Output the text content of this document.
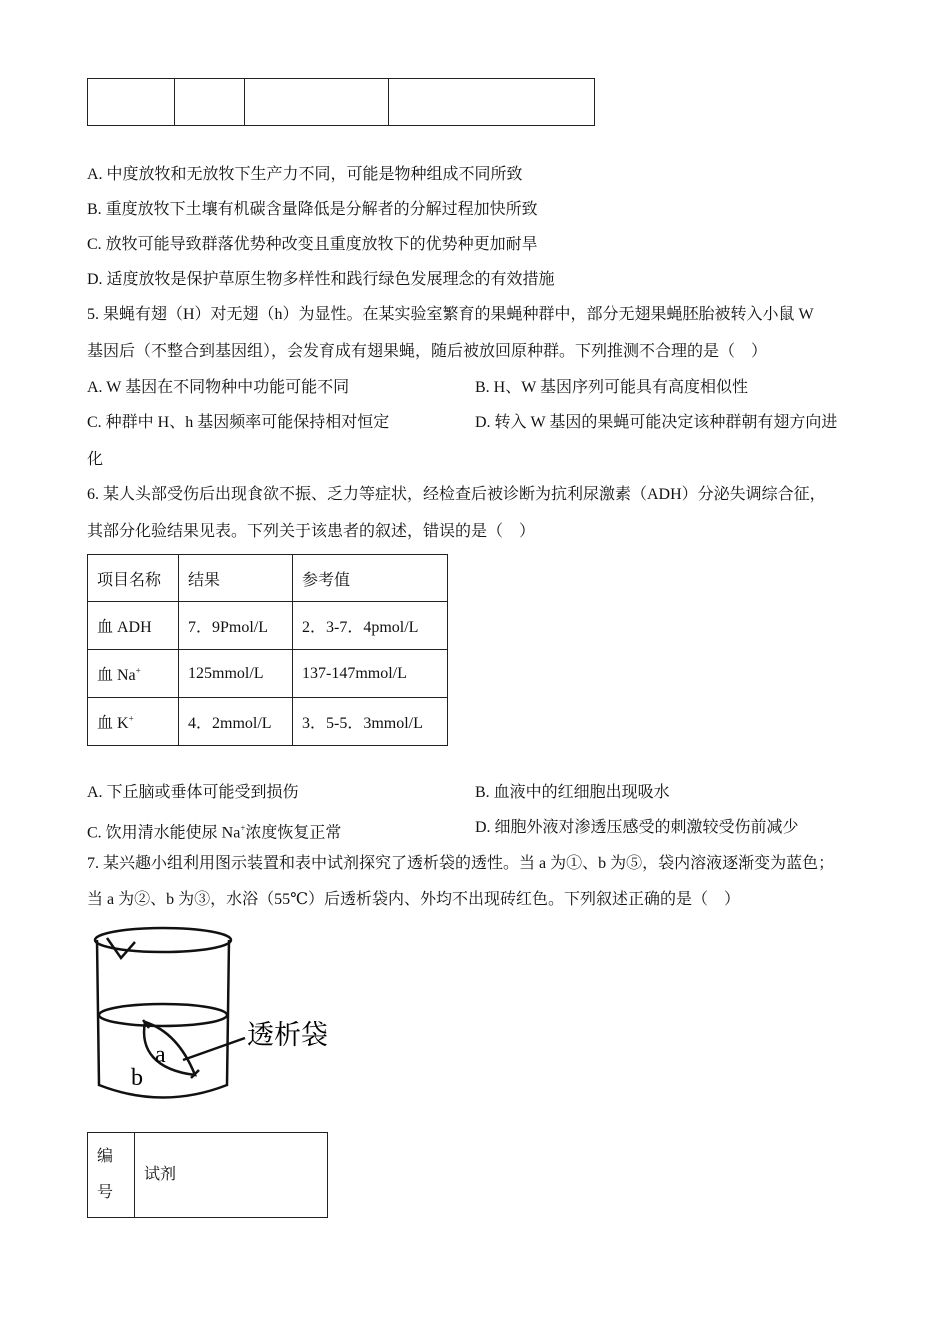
A. 中度放牧和无放牧下生产力不同，可能是物种组成不同所致
B. 重度放牧下土壤有机碳含量降低是分解者的分解过程加快所致
C. 放牧可能导致群落优势种改变且重度放牧下的优势种更加耐旱
D. 适度放牧是保护草原生物多样性和践行绿色发展理念的有效措施
5. 果蝇有翅（H）对无翅（h）为显性。在某实验室繁育的果蝇种群中，部分无翅果蝇胚胎被转入小鼠 W
基因后（不整合到基因组），会发育成有翅果蝇，随后被放回原种群。下列推测不合理的是（　）
A. W 基因在不同物种中功能可能不同	B. H、W 基因序列可能具有高度相似性
C. 种群中 H、h 基因频率可能保持相对恒定	D. 转入 W 基因的果蝇可能决定该种群朝有翅方向进
化
6. 某人头部受伤后出现食欲不振、乏力等症状，经检查后被诊断为抗利尿激素（ADH）分泌失调综合征，
其部分化验结果见表。下列关于该患者的叙述，错误的是（　）
项目名称	结果	参考值
血 ADH	7．9Pmol/L	2．3-7．4pmol/L
血 Na+	125mmol/L	137-147mmol/L
血 K+	4．2mmol/L	3．5-5．3mmol/L
A. 下丘脑或垂体可能受到损伤	B. 血液中的红细胞出现吸水
C. 饮用清水能使尿 Na+浓度恢复正常	D. 细胞外液对渗透压感受的刺激较受伤前减少
7. 某兴趣小组利用图示装置和表中试剂探究了透析袋的透性。当 a 为①、b 为⑤，袋内溶液逐渐变为蓝色；
当 a 为②、b 为③，水浴（55℃）后透析袋内、外均不出现砖红色。下列叙述正确的是（　）
a
b
透析袋
编
号	试剂
